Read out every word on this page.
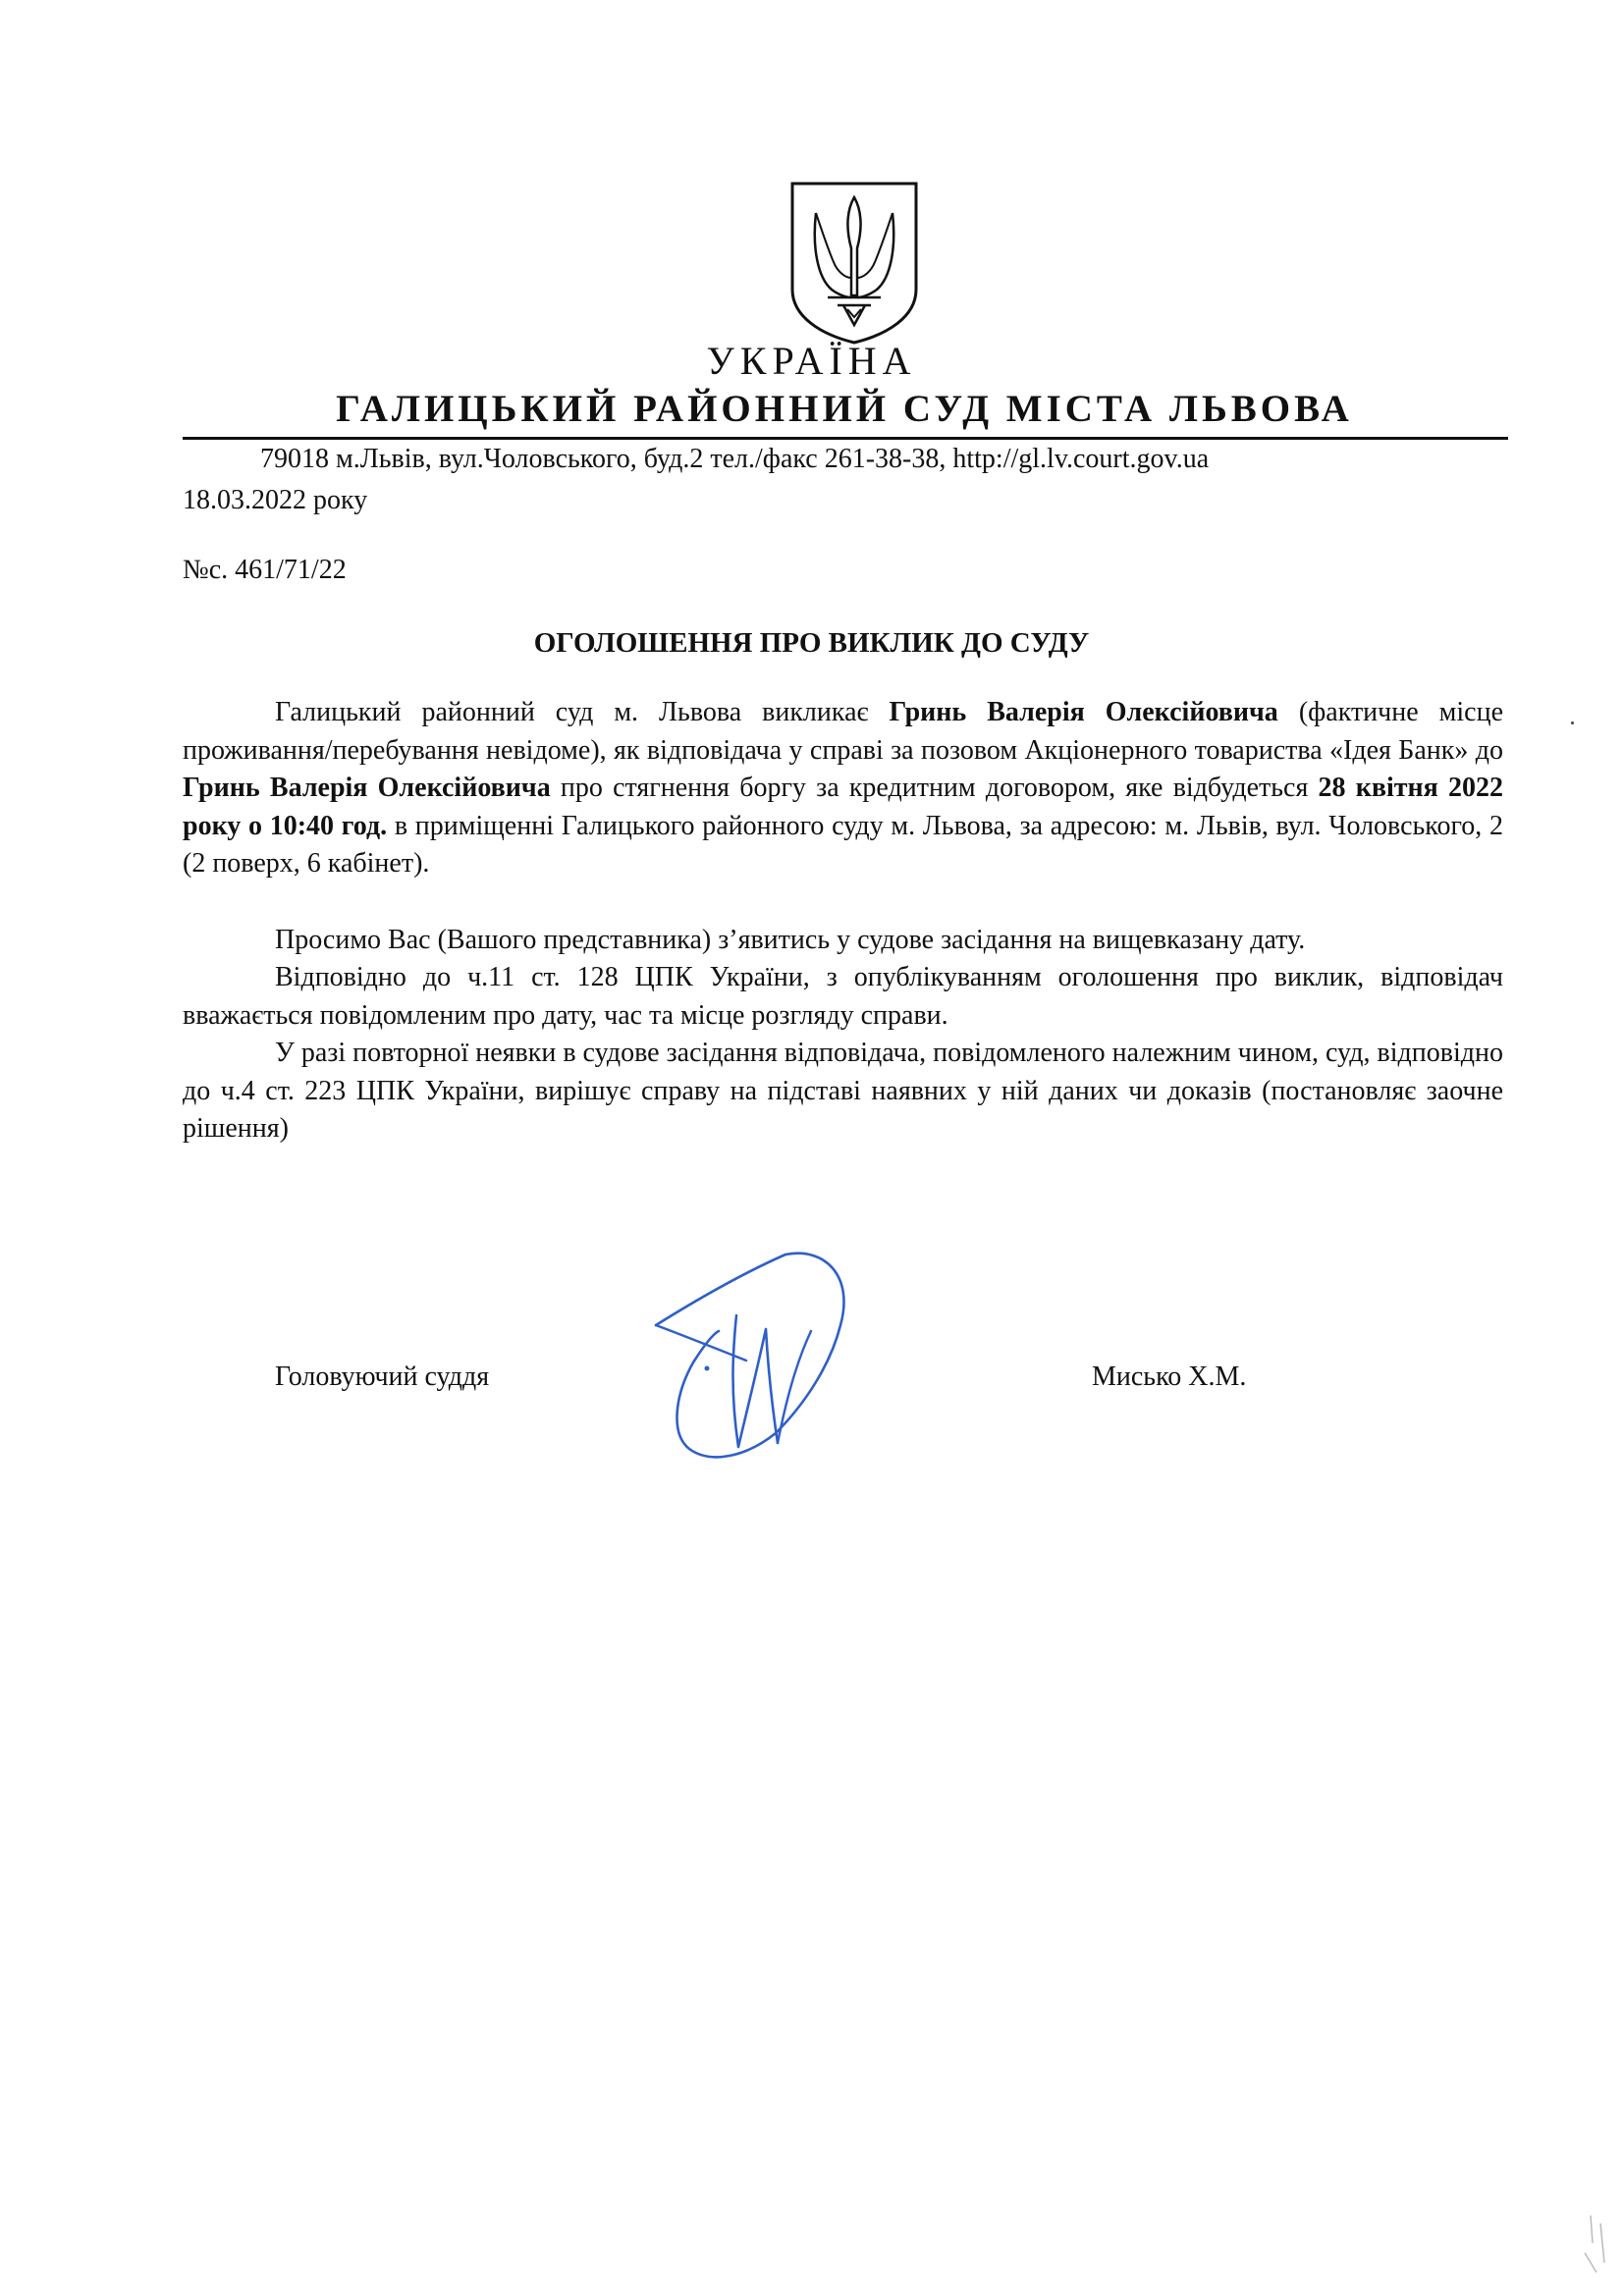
УКРАЇНА
ГАЛИЦЬКИЙ РАЙОННИЙ СУД МІСТА ЛЬВОВА
79018 м.Львів, вул.Чоловського, буд.2 тел./факс 261-38-38, http://gl.lv.court.gov.ua
18.03.2022 року
№с. 461/71/22
ОГОЛОШЕННЯ ПРО ВИКЛИК ДО СУДУ

Галицький районний суд м. Львова викликає Гринь Валерія Олексійовича (фактичне місце проживання/перебування невідоме), як відповідача у справі за позовом Акціонерного товариства «Ідея Банк» до Гринь Валерія Олексійовича про стягнення боргу за кредитним договором, яке відбудеться 28 квітня 2022 року о 10:40 год. в приміщенні Галицького районного суду м. Львова, за адресою: м. Львів, вул. Чоловського, 2 (2 поверх, 6 кабінет).

Просимо Вас (Вашого представника) з’явитись у судове засідання на вищевказану дату.

Відповідно до ч.11 ст. 128 ЦПК України, з опублікуванням оголошення про виклик, відповідач вважається повідомленим про дату, час та місце розгляду справи.

У разі повторної неявки в судове засідання відповідача, повідомленого належним чином, суд, відповідно до ч.4 ст. 223 ЦПК України, вирішує справу на підставі наявних у ній даних чи доказів (постановляє заочне рішення)

Головуючий суддя	Мисько Х.М.
